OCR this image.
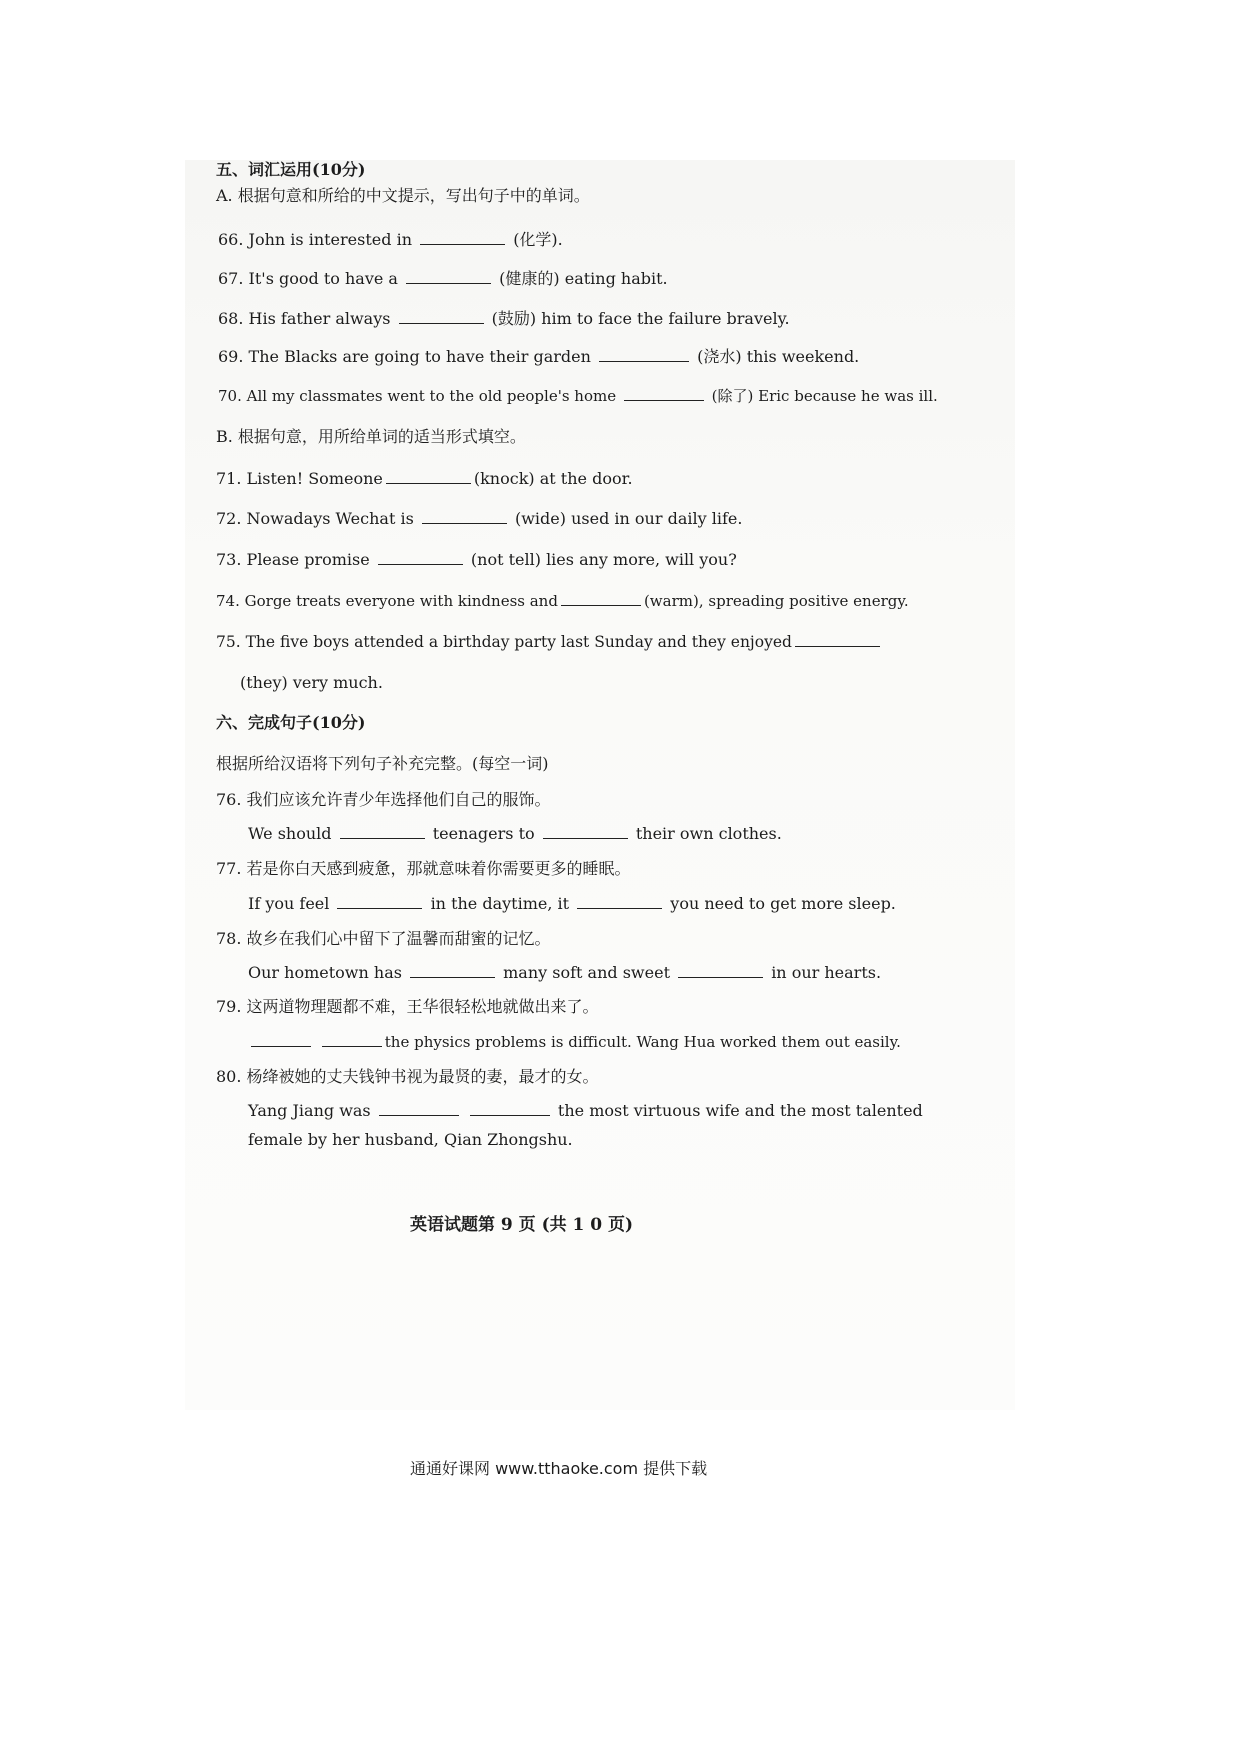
五、词汇运用(10分)
A. 根据句意和所给的中文提示，写出句子中的单词。
66. John is interested in	(化学).
67. It's good to have a	(健康的) eating habit.
68. His father always	(鼓励) him to face the failure bravely.
69. The Blacks are going to have their garden	(浇水) this weekend.
70. All my classmates went to the old people's home	(除了) Eric because he was ill.
B. 根据句意，用所给单词的适当形式填空。
71. Listen! Someone	(knock) at the door.
72. Nowadays Wechat is	(wide) used in our daily life.
73. Please promise	(not tell) lies any more, will you?
74. Gorge treats everyone with kindness and	(warm), spreading positive energy.
75. The five boys attended a birthday party last Sunday and they enjoyed
(they) very much.
六、完成句子(10分)
根据所给汉语将下列句子补充完整。(每空一词)
76. 我们应该允许青少年选择他们自己的服饰。
We should	teenagers to	their own clothes.
77. 若是你白天感到疲惫，那就意味着你需要更多的睡眠。
If you feel	in the daytime, it	you need to get more sleep.
78. 故乡在我们心中留下了温馨而甜蜜的记忆。
Our hometown has	many soft and sweet	in our hearts.
79. 这两道物理题都不难，王华很轻松地就做出来了。
the physics problems is difficult. Wang Hua worked them out easily.
80. 杨绛被她的丈夫钱钟书视为最贤的妻，最才的女。
Yang Jiang was	the most virtuous wife and the most talented
female by her husband, Qian Zhongshu.
英语试题第 9 页 (共 1 0 页)
通通好课网 www.tthaoke.com 提供下载
